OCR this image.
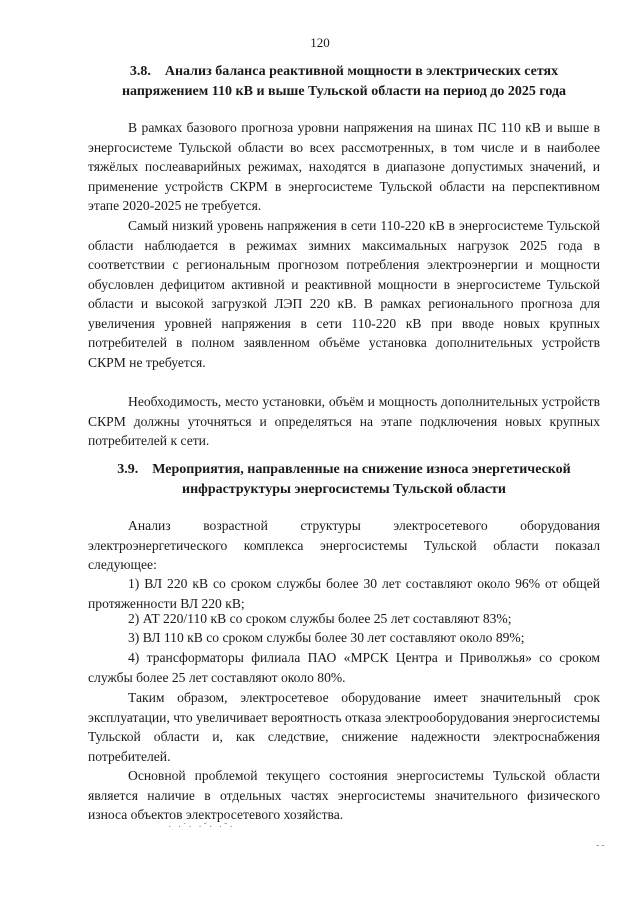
120
3.8. Анализ баланса реактивной мощности в электрических сетях напряжением 110 кВ и выше Тульской области на период до 2025 года

В рамках базового прогноза уровни напряжения на шинах ПС 110 кВ и выше в энергосистеме Тульской области во всех рассмотренных, в том числе и в наиболее тяжёлых послеаварийных режимах, находятся в диапазоне допустимых значений, и применение устройств СКРМ в энергосистеме Тульской области на перспективном этапе 2020-2025 не требуется.

Самый низкий уровень напряжения в сети 110-220 кВ в энергосистеме Тульской области наблюдается в режимах зимних максимальных нагрузок 2025 года в соответствии с региональным прогнозом потребления электроэнергии и мощности обусловлен дефицитом активной и реактивной мощности в энергосистеме Тульской области и высокой загрузкой ЛЭП 220 кВ. В рамках регионального прогноза для увеличения уровней напряжения в сети 110-220 кВ при вводе новых крупных потребителей в полном заявленном объёме установка дополнительных устройств СКРМ не требуется.

Необходимость, место установки, объём и мощность дополнительных устройств СКРМ должны уточняться и определяться на этапе подключения новых крупных потребителей к сети.

3.9. Мероприятия, направленные на снижение износа энергетической инфраструктуры энергосистемы Тульской области

Анализ возрастной структуры электросетевого оборудования электроэнергетического комплекса энергосистемы Тульской области показал следующее:

1) ВЛ 220 кВ со сроком службы более 30 лет составляют около 96% от общей протяженности ВЛ 220 кВ;

2) АТ 220/110 кВ со сроком службы более 25 лет составляют 83%;

3) ВЛ 110 кВ со сроком службы более 30 лет составляют около 89%;

4) трансформаторы филиала ПАО «МРСК Центра и Приволжья» со сроком службы более 25 лет составляют около 80%.

Таким образом, электросетевое оборудование имеет значительный срок эксплуатации, что увеличивает вероятность отказа электрооборудования энергосистемы Тульской области и, как следствие, снижение надежности электроснабжения потребителей.

Основной проблемой текущего состояния энергосистемы Тульской области является наличие в отдельных частях энергосистемы значительного физического износа объектов электросетевого хозяйства.

· ·˙· ·ˇ· ·˘·
--
